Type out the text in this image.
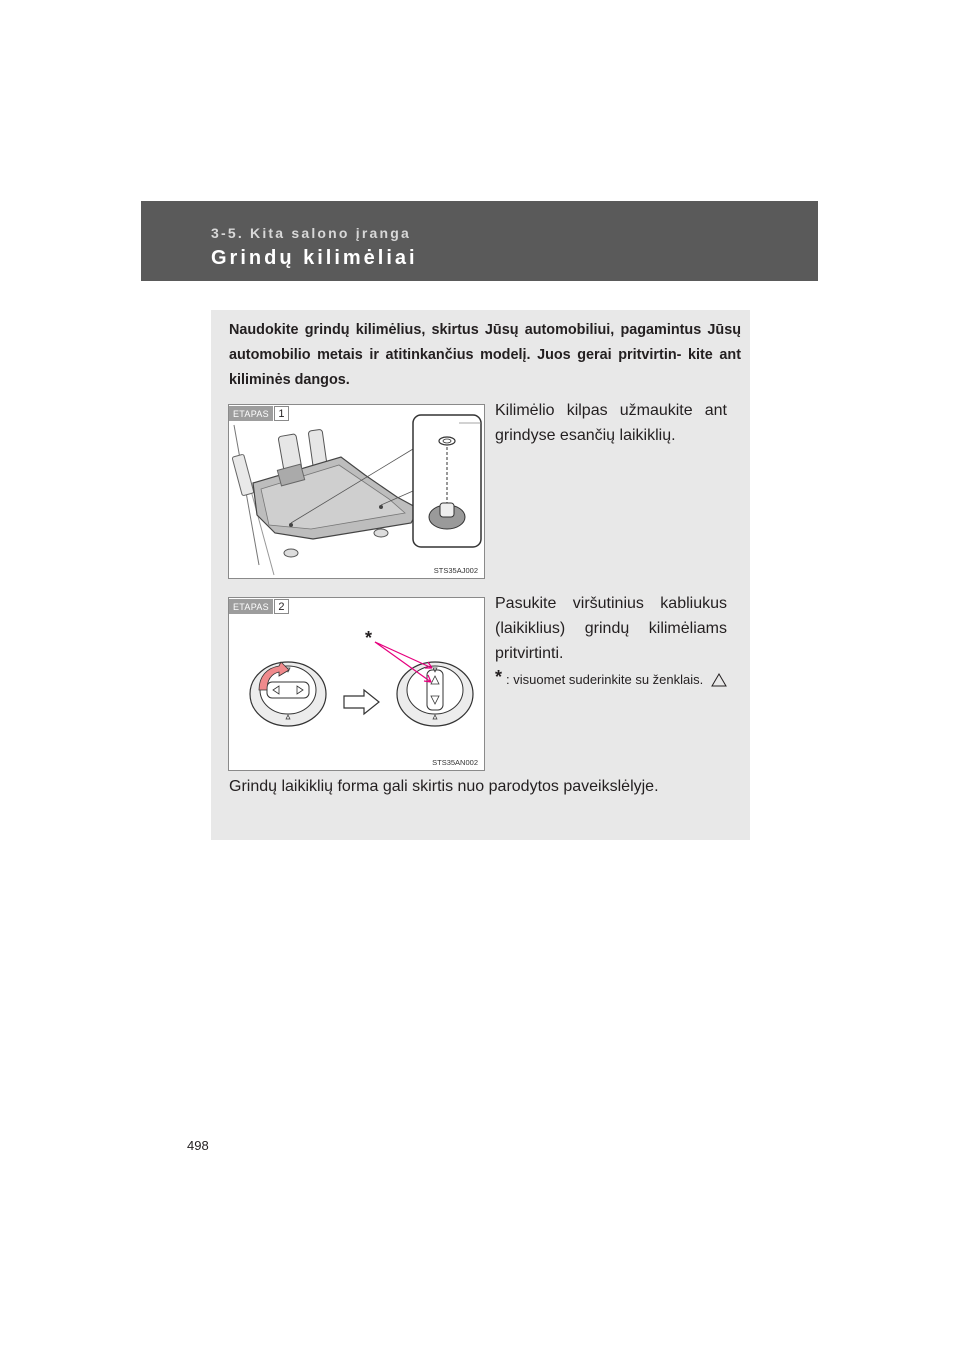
3-5. Kita salono įranga

Grindų kilimėliai

Naudokite grindų kilimėlius, skirtus Jūsų automobiliui, pagamintus Jūsų automobilio metais ir atitinkančius modelį. Juos gerai pritvirtin- kite ant kiliminės dangos.

ETAPAS 1
STS35AJ002

Kilimėlio kilpas užmaukite ant grindyse esančių laikiklių.

ETAPAS 2
*
STS35AN002

Pasukite viršutinius kabliukus (laikiklius) grindų kilimėliams pritvirtinti.

* : visuomet suderinkite su ženklais.

Grindų laikiklių forma gali skirtis nuo parodytos paveikslėlyje.

498
